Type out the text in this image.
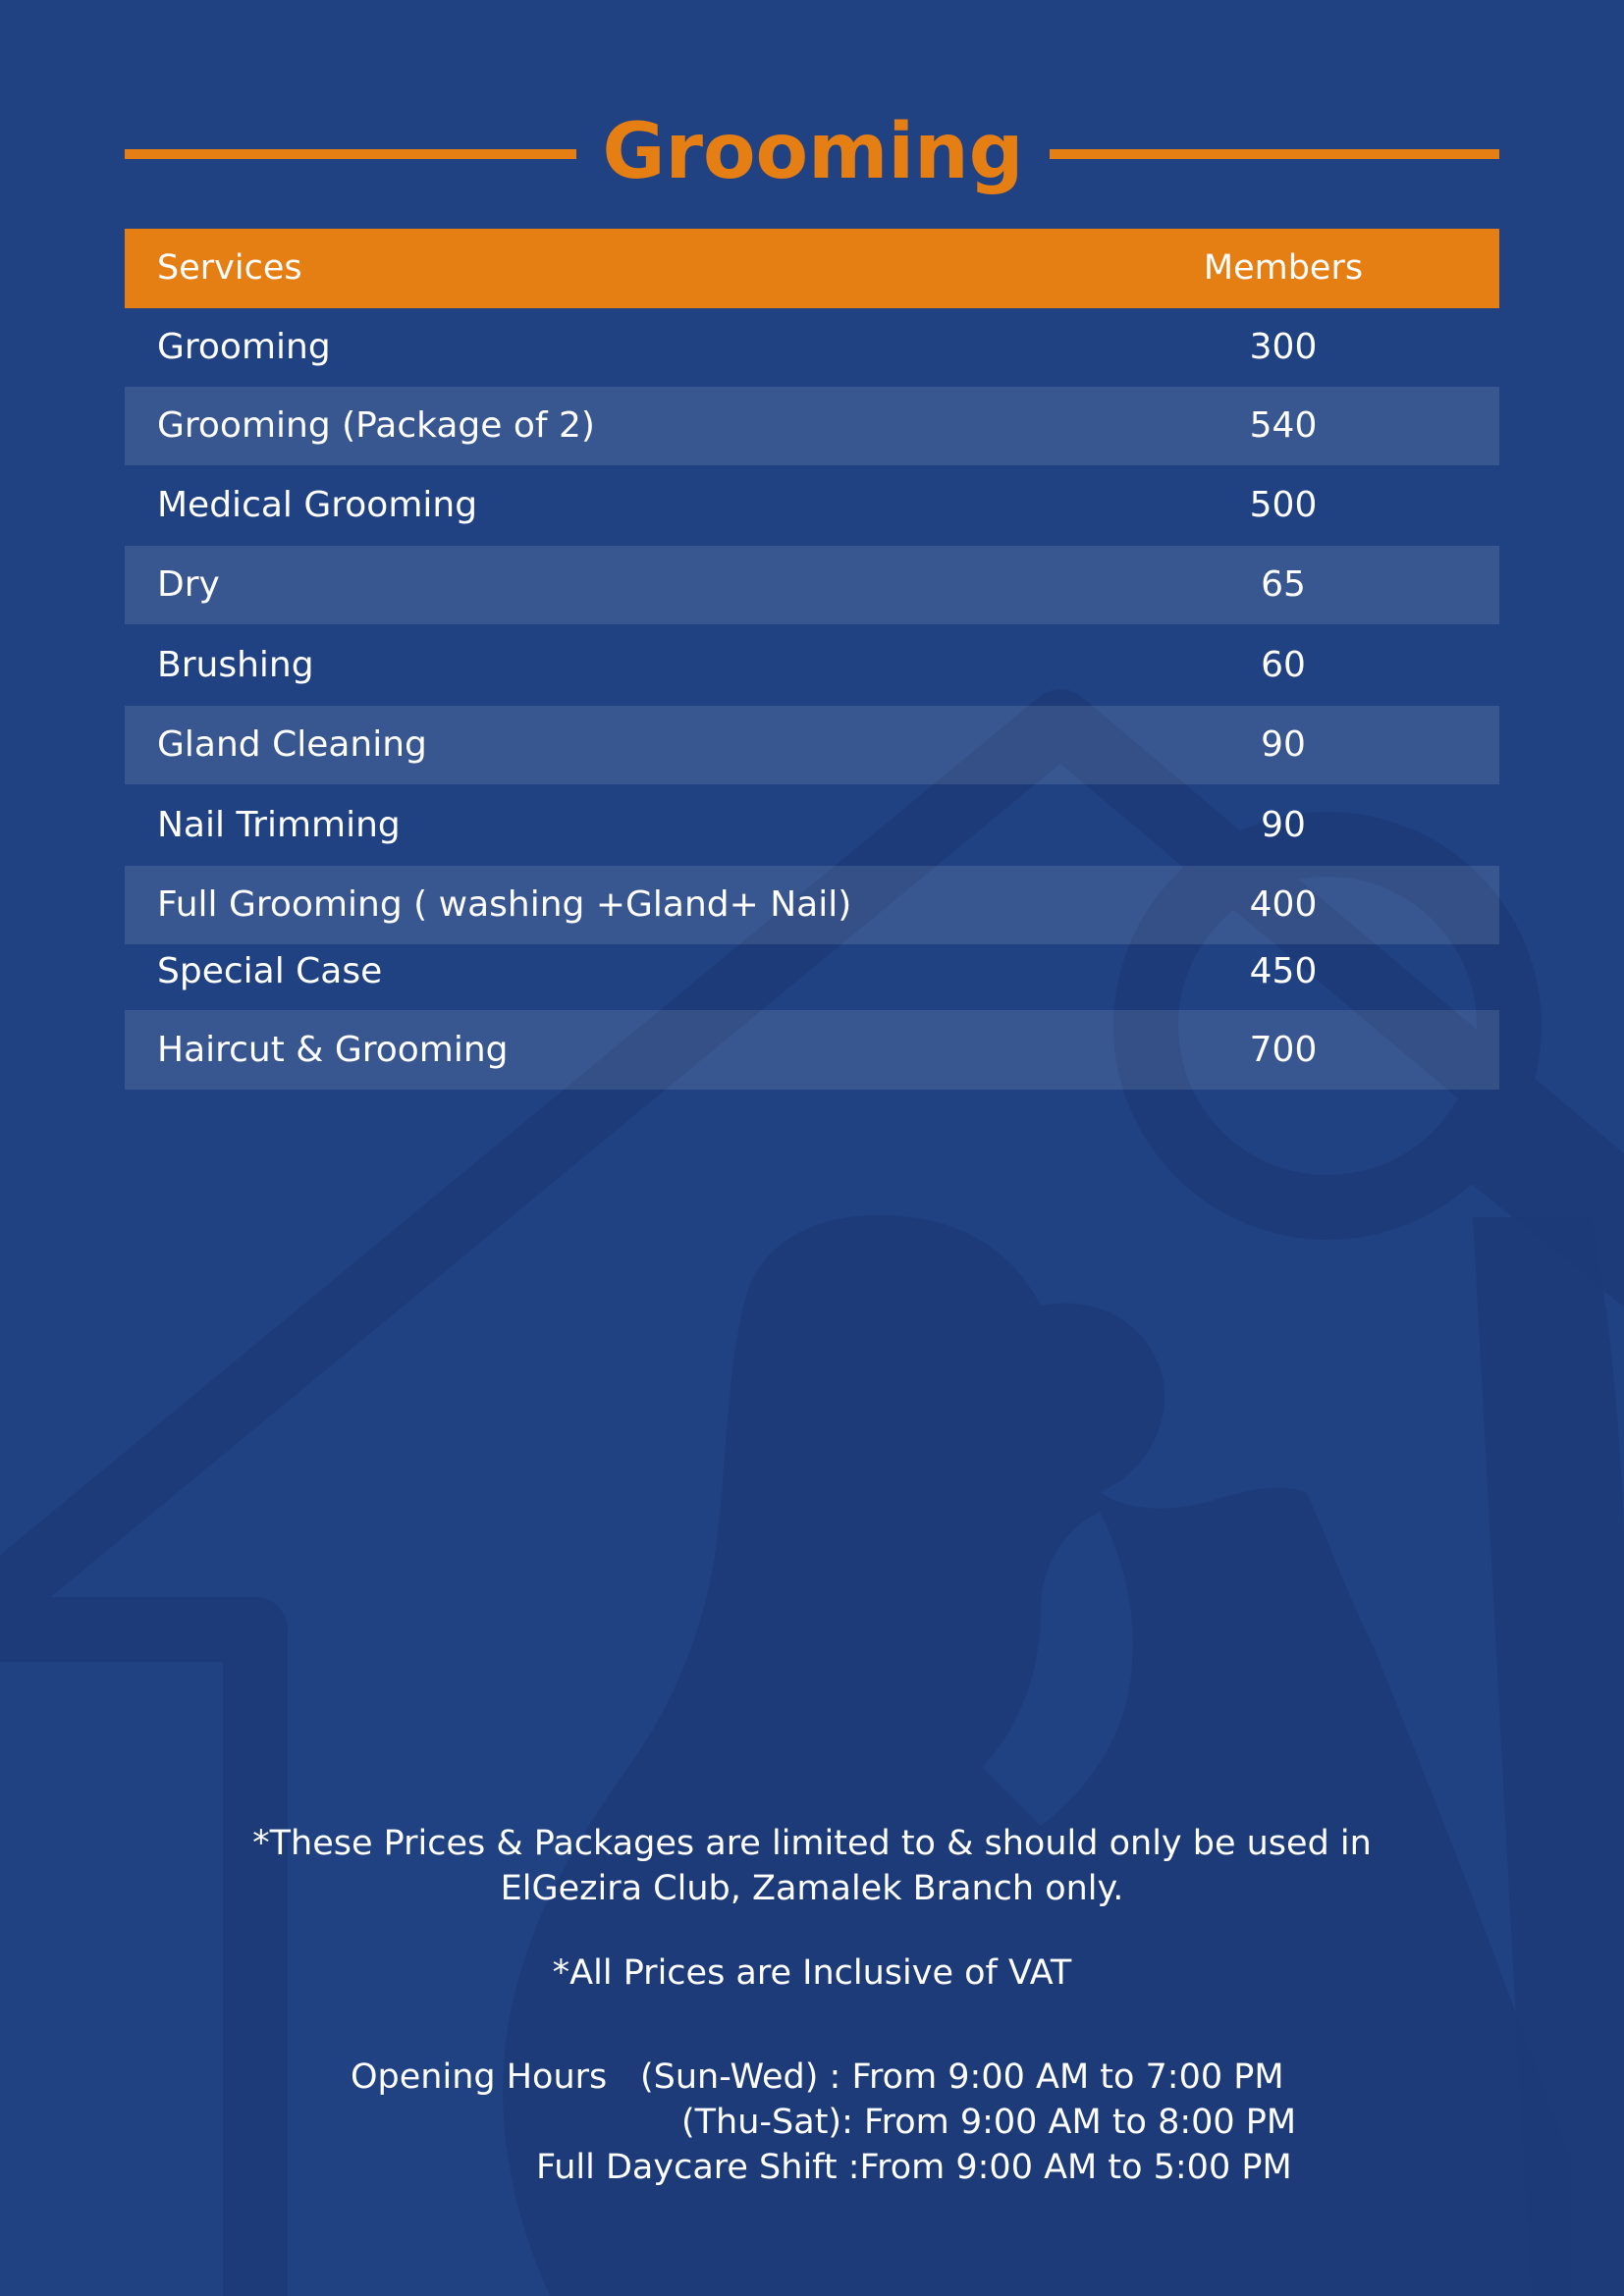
Grooming
Services	Members
Grooming	300
Grooming (Package of 2)	540
Medical Grooming	500
Dry	65
Brushing	60
Gland Cleaning	90
Nail Trimming	90
Full Grooming ( washing +Gland+ Nail)	400
Special Case	450
Haircut & Grooming	700
*These Prices & Packages are limited to & should only be used in
ElGezira Club, Zamalek Branch only.
*All Prices are Inclusive of VAT
Opening Hours (Sun-Wed) : From 9:00 AM to 7:00 PM
(Thu-Sat): From 9:00 AM to 8:00 PM
Full Daycare Shift :From 9:00 AM to 5:00 PM
